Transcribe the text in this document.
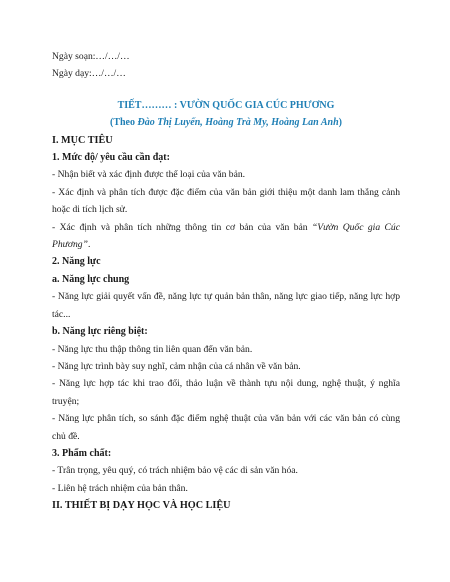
Ngày soạn:…/…/…

Ngày dạy:…/…/…

TIẾT……… : VƯỜN QUỐC GIA CÚC PHƯƠNG

(Theo Đào Thị Luyến, Hoàng Trà My, Hoàng Lan Anh)

I. MỤC TIÊU

1. Mức độ/ yêu cầu cần đạt:

- Nhận biết và xác định được thể loại của văn bản.

- Xác định và phân tích được đặc điểm của văn bản giới thiệu một danh lam thắng cảnh hoặc di tích lịch sử.

- Xác định và phân tích những thông tin cơ bản của văn bản “Vườn Quốc gia Cúc Phương”.

2. Năng lực

a. Năng lực chung

- Năng lực giải quyết vấn đề, năng lực tự quản bản thân, năng lực giao tiếp, năng lực hợp tác...

b. Năng lực riêng biệt:

- Năng lực thu thập thông tin liên quan đến văn bản.

- Năng lực trình bày suy nghĩ, cảm nhận của cá nhân về văn bản.

- Năng lực hợp tác khi trao đổi, thảo luận về thành tựu nội dung, nghệ thuật, ý nghĩa truyện;

- Năng lực phân tích, so sánh đặc điểm nghệ thuật của văn bản với các văn bản có cùng chủ đề.

3. Phẩm chất:

- Trân trọng, yêu quý, có trách nhiệm bảo vệ các di sản văn hóa.

- Liên hệ trách nhiệm của bản thân.

II. THIẾT BỊ DẠY HỌC VÀ HỌC LIỆU
